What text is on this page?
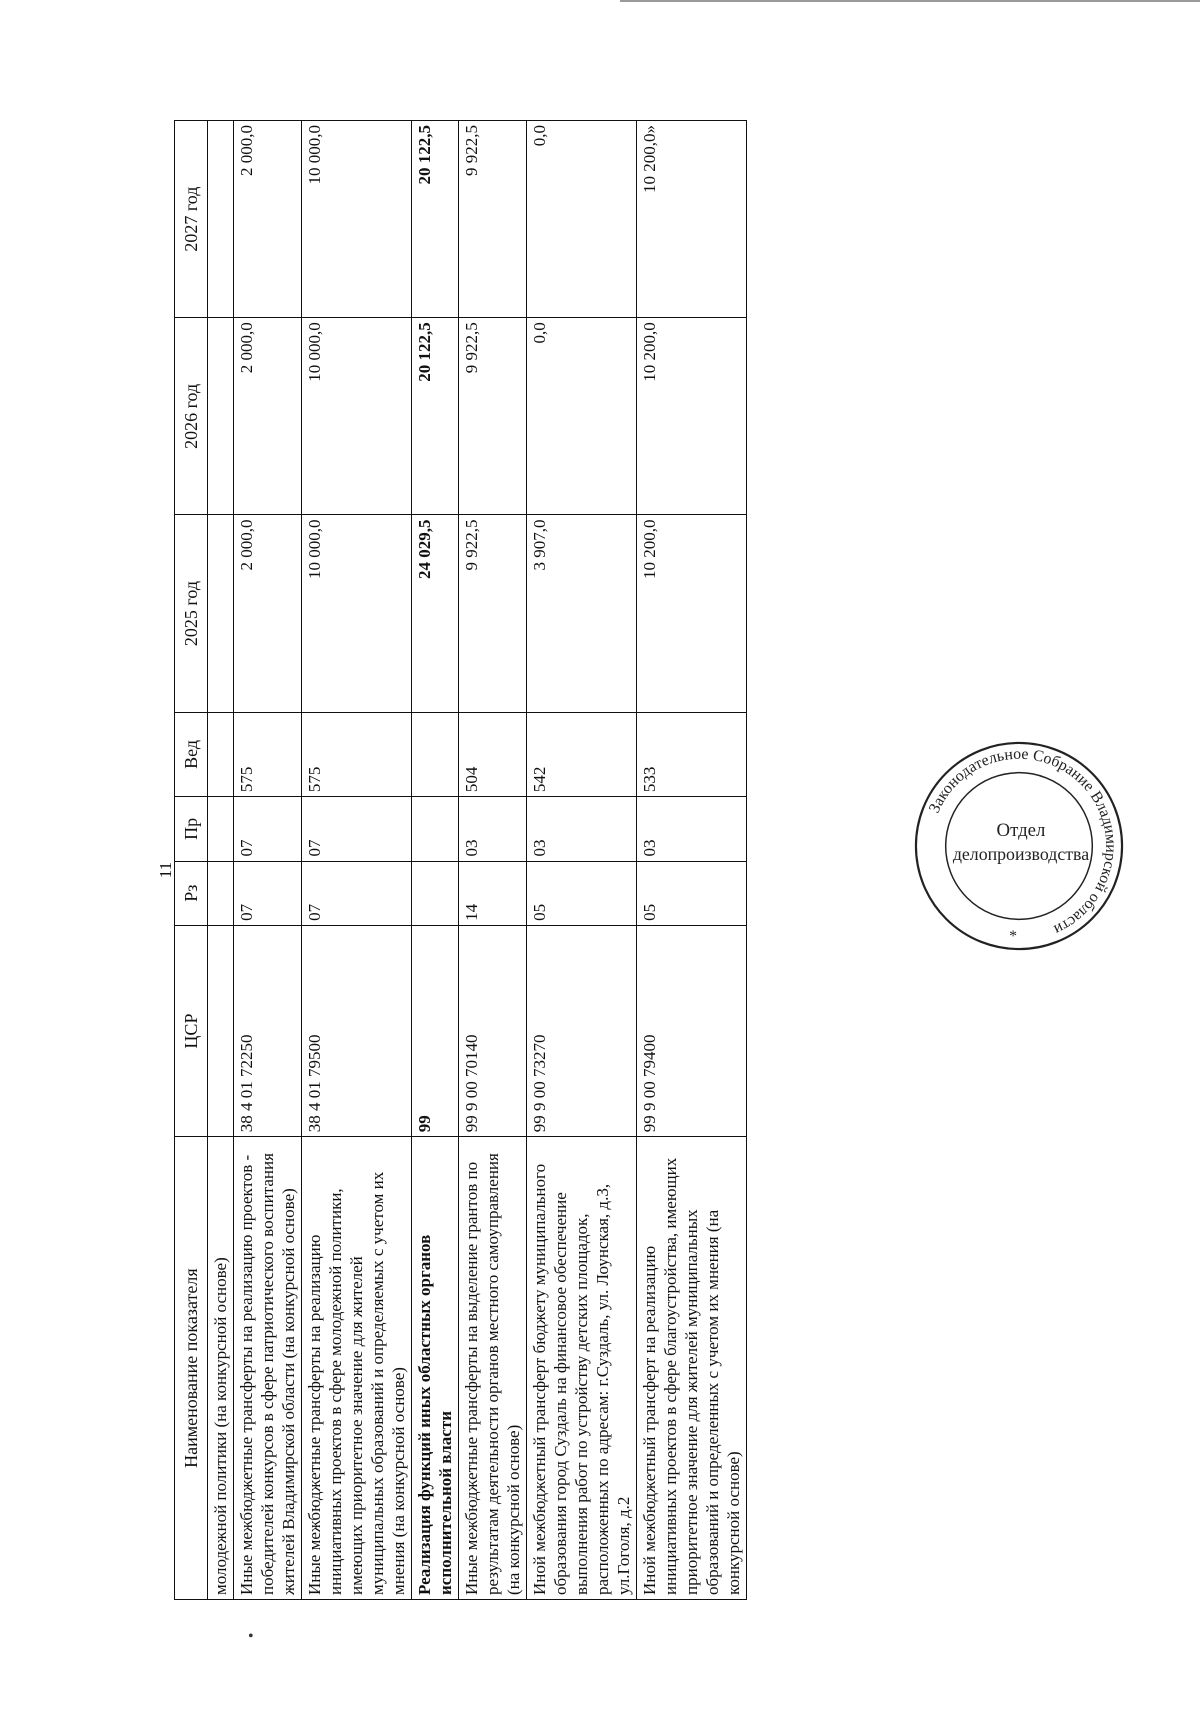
11
Наименование показателя	ЦСР	Рз	Пр	Вед	2025 год	2026 год	2027 год
молодежной политики (на конкурсной основе)							
Иные межбюджетные трансферты на реализацию проектов - победителей конкурсов в сфере патриотического воспитания жителей Владимирской области (на конкурсной основе)	38 4 01 72250	07	07	575	2 000,0	2 000,0	2 000,0
Иные межбюджетные трансферты на реализацию инициативных проектов в сфере молодежной политики, имеющих приоритетное значение для жителей муниципальных образований и определяемых с учетом их мнения (на конкурсной основе)	38 4 01 79500	07	07	575	10 000,0	10 000,0	10 000,0
Реализация функций иных областных органов исполнительной власти	99				24 029,5	20 122,5	20 122,5
Иные межбюджетные трансферты на выделение грантов по результатам деятельности органов местного самоуправления (на конкурсной основе)	99 9 00 70140	14	03	504	9 922,5	9 922,5	9 922,5
Иной межбюджетный трансферт бюджету муниципального образования город Суздаль на финансовое обеспечение выполнения работ по устройству детских площадок, расположенных по адресам: г.Суздаль, ул. Лоунская, д.3, ул.Гоголя, д.2	99 9 00 73270	05	03	542	3 907,0	0,0	0,0
Иной межбюджетный трансферт на реализацию инициативных проектов в сфере благоустройства, имеющих приоритетное значение для жителей муниципальных образований и определенных с учетом их мнения (на конкурсной основе)	99 9 00 79400	05	03	533	10 200,0	10 200,0	10 200,0»
Законодательное Собрание Владимирской области
Отдел
делопроизводства
*
•
